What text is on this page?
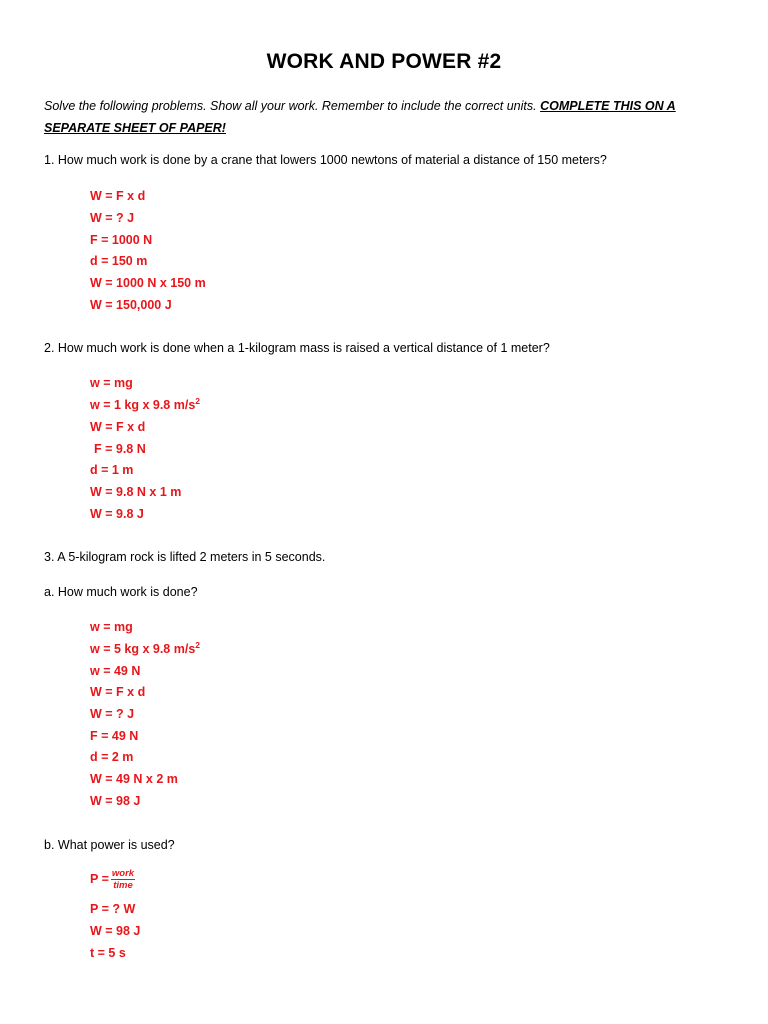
WORK AND POWER #2
Solve the following problems. Show all your work. Remember to include the correct units. COMPLETE THIS ON A SEPARATE SHEET OF PAPER!
1. How much work is done by a crane that lowers 1000 newtons of material a distance of 150 meters?
W = F x d
W = ? J
F = 1000 N
d = 150 m
W = 1000 N x 150 m
W = 150,000 J
2. How much work is done when a 1-kilogram mass is raised a vertical distance of 1 meter?
w = mg
w = 1 kg x 9.8 $m/s^2$
W = F x d
F = 9.8 N
d = 1 m
W = 9.8 N x 1 m
W = 9.8 J
3. A 5-kilogram rock is lifted 2 meters in 5 seconds.
a. How much work is done?
w = mg
w = 5 kg x 9.8 $m/s^2$
w = 49 N
W = F x d
W = ? J
F = 49 N
d = 2 m
W = 49 N x 2 m
W = 98 J
b. What power is used?
$P = \frac{\text{work}}{\text{time}}$
P = ? W
W = 98 J
t = 5 s
